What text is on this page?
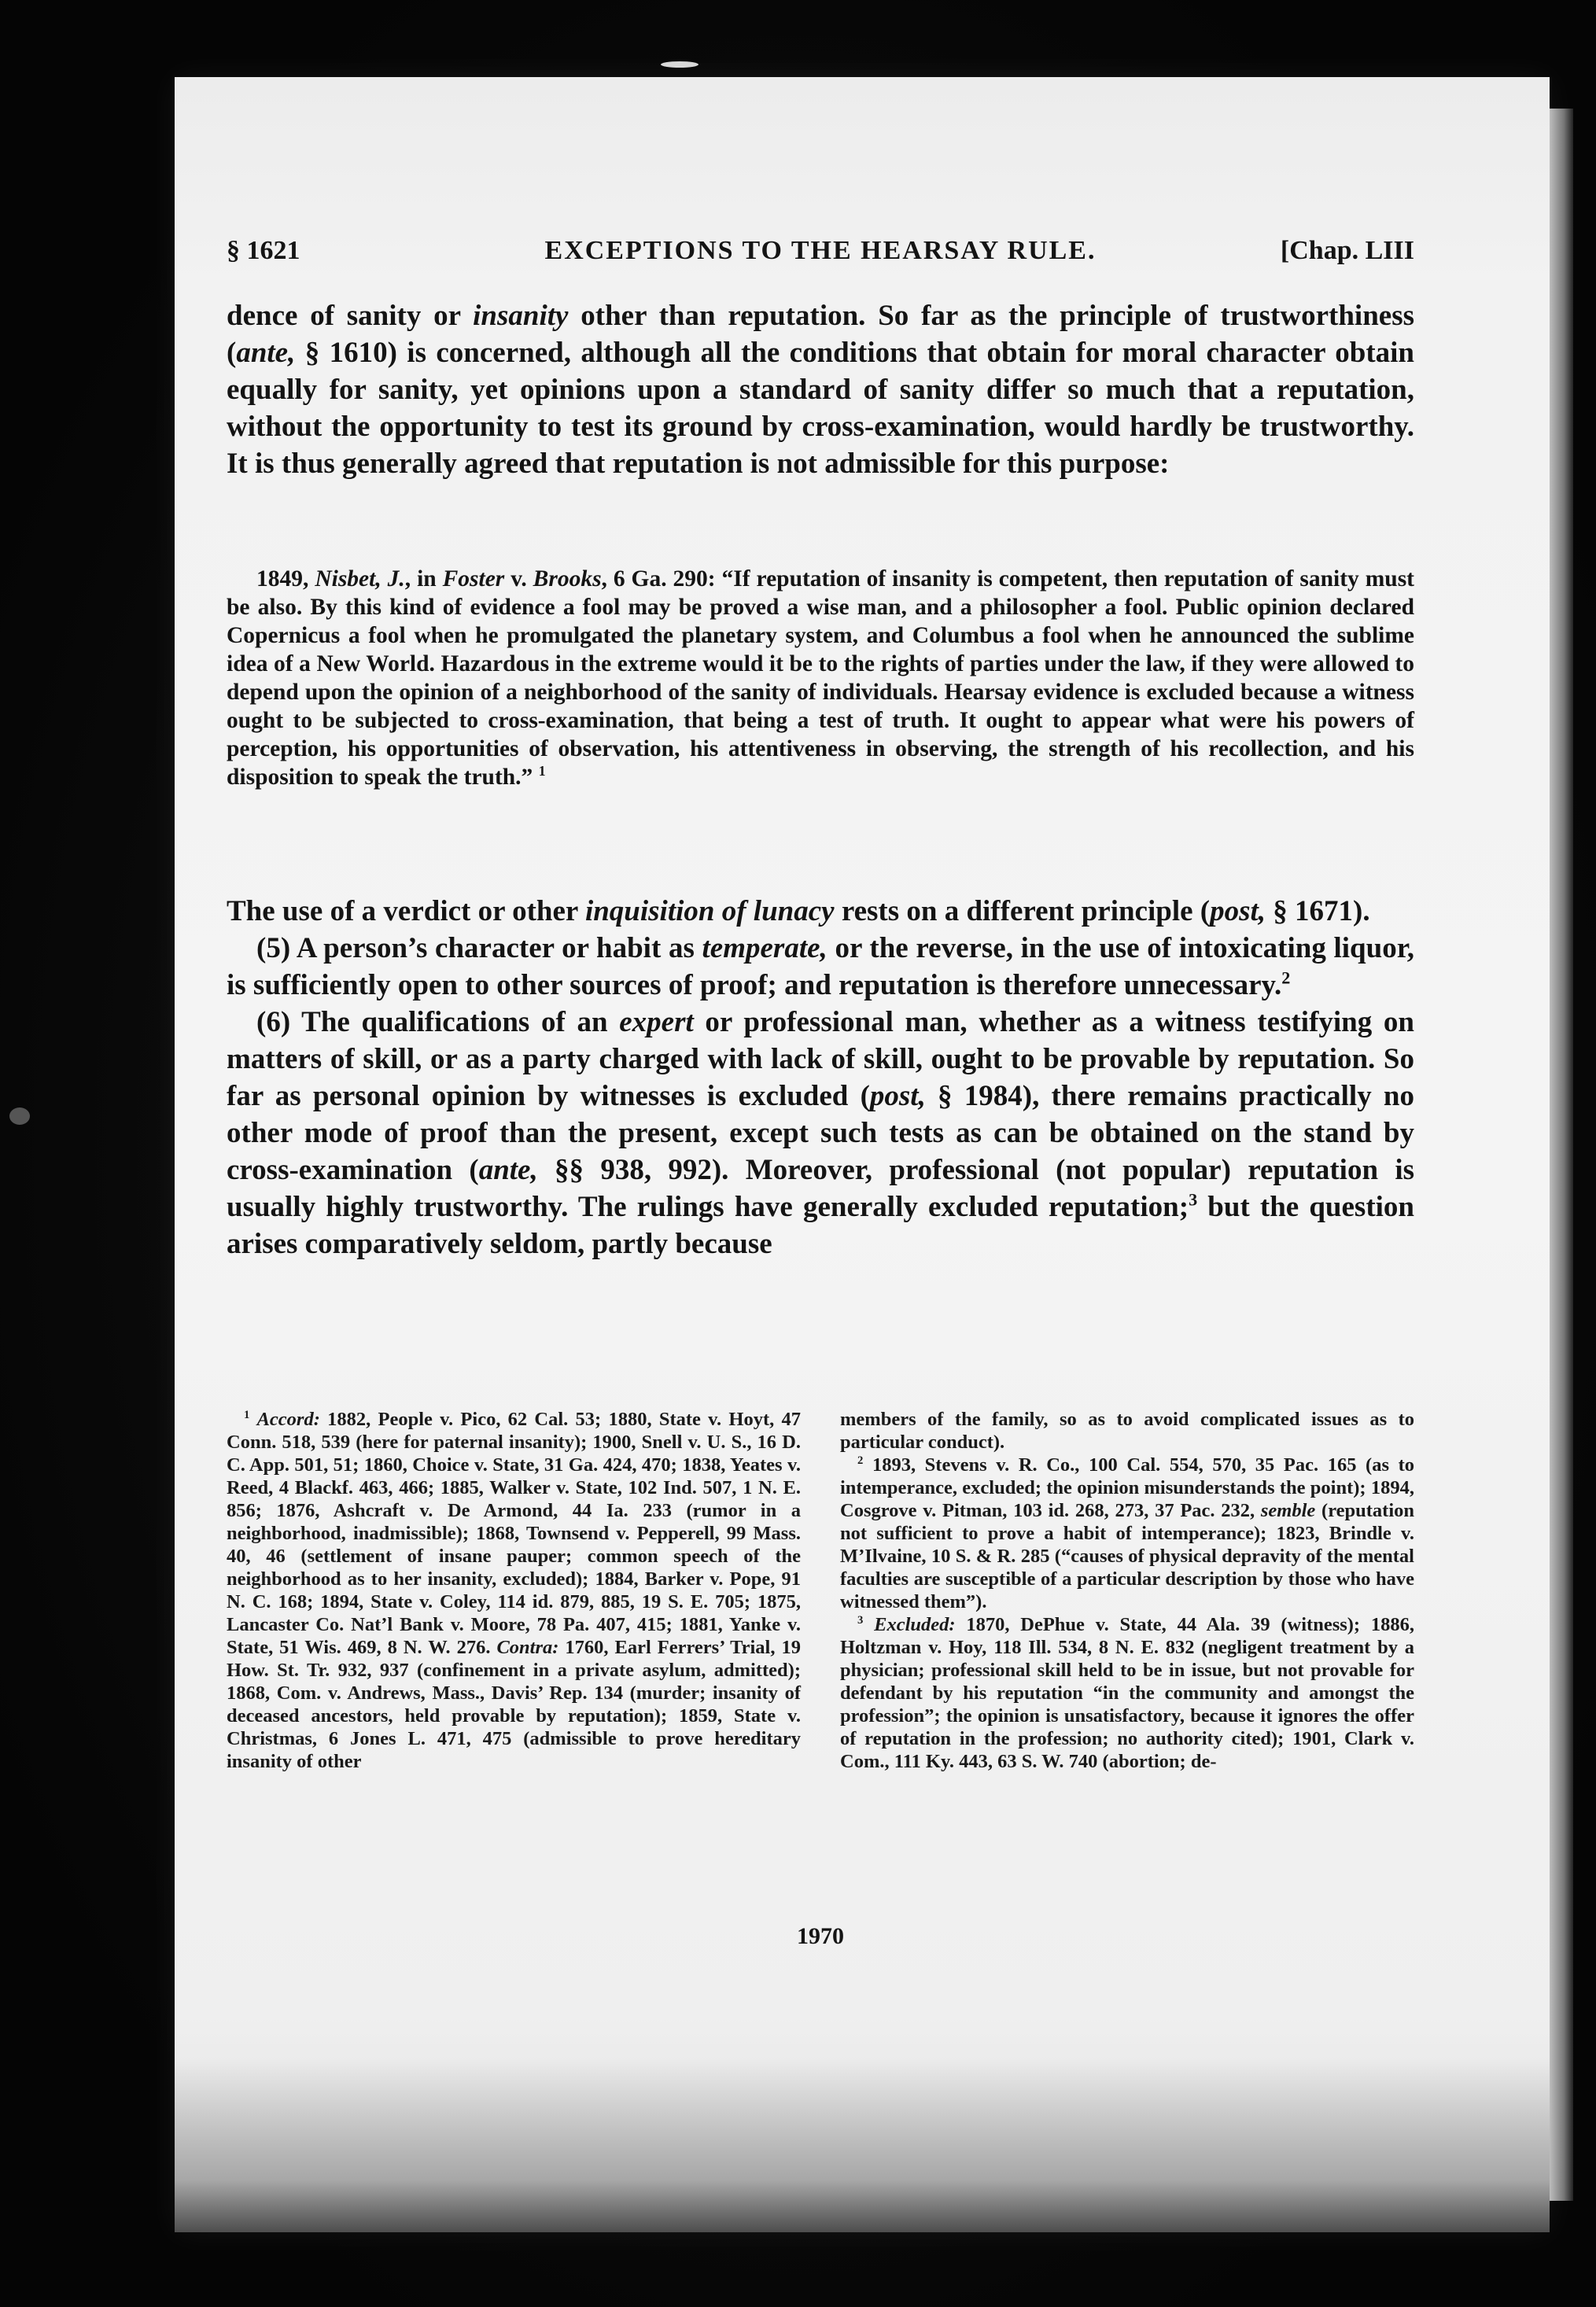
§ 1621	EXCEPTIONS TO THE HEARSAY RULE.	[Chap. LIII

dence of sanity or insanity other than reputation. So far as the principle of trustworthiness (ante, § 1610) is concerned, although all the conditions that obtain for moral character obtain equally for sanity, yet opinions upon a standard of sanity differ so much that a reputation, without the opportunity to test its ground by cross-examination, would hardly be trustworthy. It is thus generally agreed that reputation is not admissible for this purpose:

1849, Nisbet, J., in Foster v. Brooks, 6 Ga. 290: “If reputation of insanity is competent, then reputation of sanity must be also. By this kind of evidence a fool may be proved a wise man, and a philosopher a fool. Public opinion declared Copernicus a fool when he promulgated the planetary system, and Columbus a fool when he announced the sublime idea of a New World. Hazardous in the extreme would it be to the rights of parties under the law, if they were allowed to depend upon the opinion of a neighborhood of the sanity of individuals. Hearsay evidence is excluded because a witness ought to be subjected to cross-examination, that being a test of truth. It ought to appear what were his powers of perception, his opportunities of observation, his attentiveness in observing, the strength of his recollection, and his disposition to speak the truth.” $^1$

The use of a verdict or other inquisition of lunacy rests on a different principle (post, § 1671).

(5) A person’s character or habit as temperate, or the reverse, in the use of intoxicating liquor, is sufficiently open to other sources of proof; and reputation is therefore unnecessary.$^2$

(6) The qualifications of an expert or professional man, whether as a witness testifying on matters of skill, or as a party charged with lack of skill, ought to be provable by reputation. So far as personal opinion by witnesses is excluded (post, § 1984), there remains practically no other mode of proof than the present, except such tests as can be obtained on the stand by cross-examination (ante, §§ 938, 992). Moreover, professional (not popular) reputation is usually highly trustworthy. The rulings have generally excluded reputation;$^3$ but the question arises comparatively seldom, partly because

$^1$ Accord: 1882, People v. Pico, 62 Cal. 53; 1880, State v. Hoyt, 47 Conn. 518, 539 (here for paternal insanity); 1900, Snell v. U. S., 16 D. C. App. 501, 51; 1860, Choice v. State, 31 Ga. 424, 470; 1838, Yeates v. Reed, 4 Blackf. 463, 466; 1885, Walker v. State, 102 Ind. 507, 1 N. E. 856; 1876, Ashcraft v. De Armond, 44 Ia. 233 (rumor in a neighborhood, inadmissible); 1868, Townsend v. Pepperell, 99 Mass. 40, 46 (settlement of insane pauper; common speech of the neighborhood as to her insanity, excluded); 1884, Barker v. Pope, 91 N. C. 168; 1894, State v. Coley, 114 id. 879, 885, 19 S. E. 705; 1875, Lancaster Co. Nat’l Bank v. Moore, 78 Pa. 407, 415; 1881, Yanke v. State, 51 Wis. 469, 8 N. W. 276. Contra: 1760, Earl Ferrers’ Trial, 19 How. St. Tr. 932, 937 (confinement in a private asylum, admitted); 1868, Com. v. Andrews, Mass., Davis’ Rep. 134 (murder; insanity of deceased ancestors, held provable by reputation); 1859, State v. Christmas, 6 Jones L. 471, 475 (admissible to prove hereditary insanity of other

members of the family, so as to avoid complicated issues as to particular conduct).

$^2$ 1893, Stevens v. R. Co., 100 Cal. 554, 570, 35 Pac. 165 (as to intemperance, excluded; the opinion misunderstands the point); 1894, Cosgrove v. Pitman, 103 id. 268, 273, 37 Pac. 232, semble (reputation not sufficient to prove a habit of intemperance); 1823, Brindle v. M’Ilvaine, 10 S. & R. 285 (“causes of physical depravity of the mental faculties are susceptible of a particular description by those who have witnessed them”).

$^3$ Excluded: 1870, DePhue v. State, 44 Ala. 39 (witness); 1886, Holtzman v. Hoy, 118 Ill. 534, 8 N. E. 832 (negligent treatment by a physician; professional skill held to be in issue, but not provable for defendant by his reputation “in the community and amongst the profession”; the opinion is unsatisfactory, because it ignores the offer of reputation in the profession; no authority cited); 1901, Clark v. Com., 111 Ky. 443, 63 S. W. 740 (abortion; de-

1970
